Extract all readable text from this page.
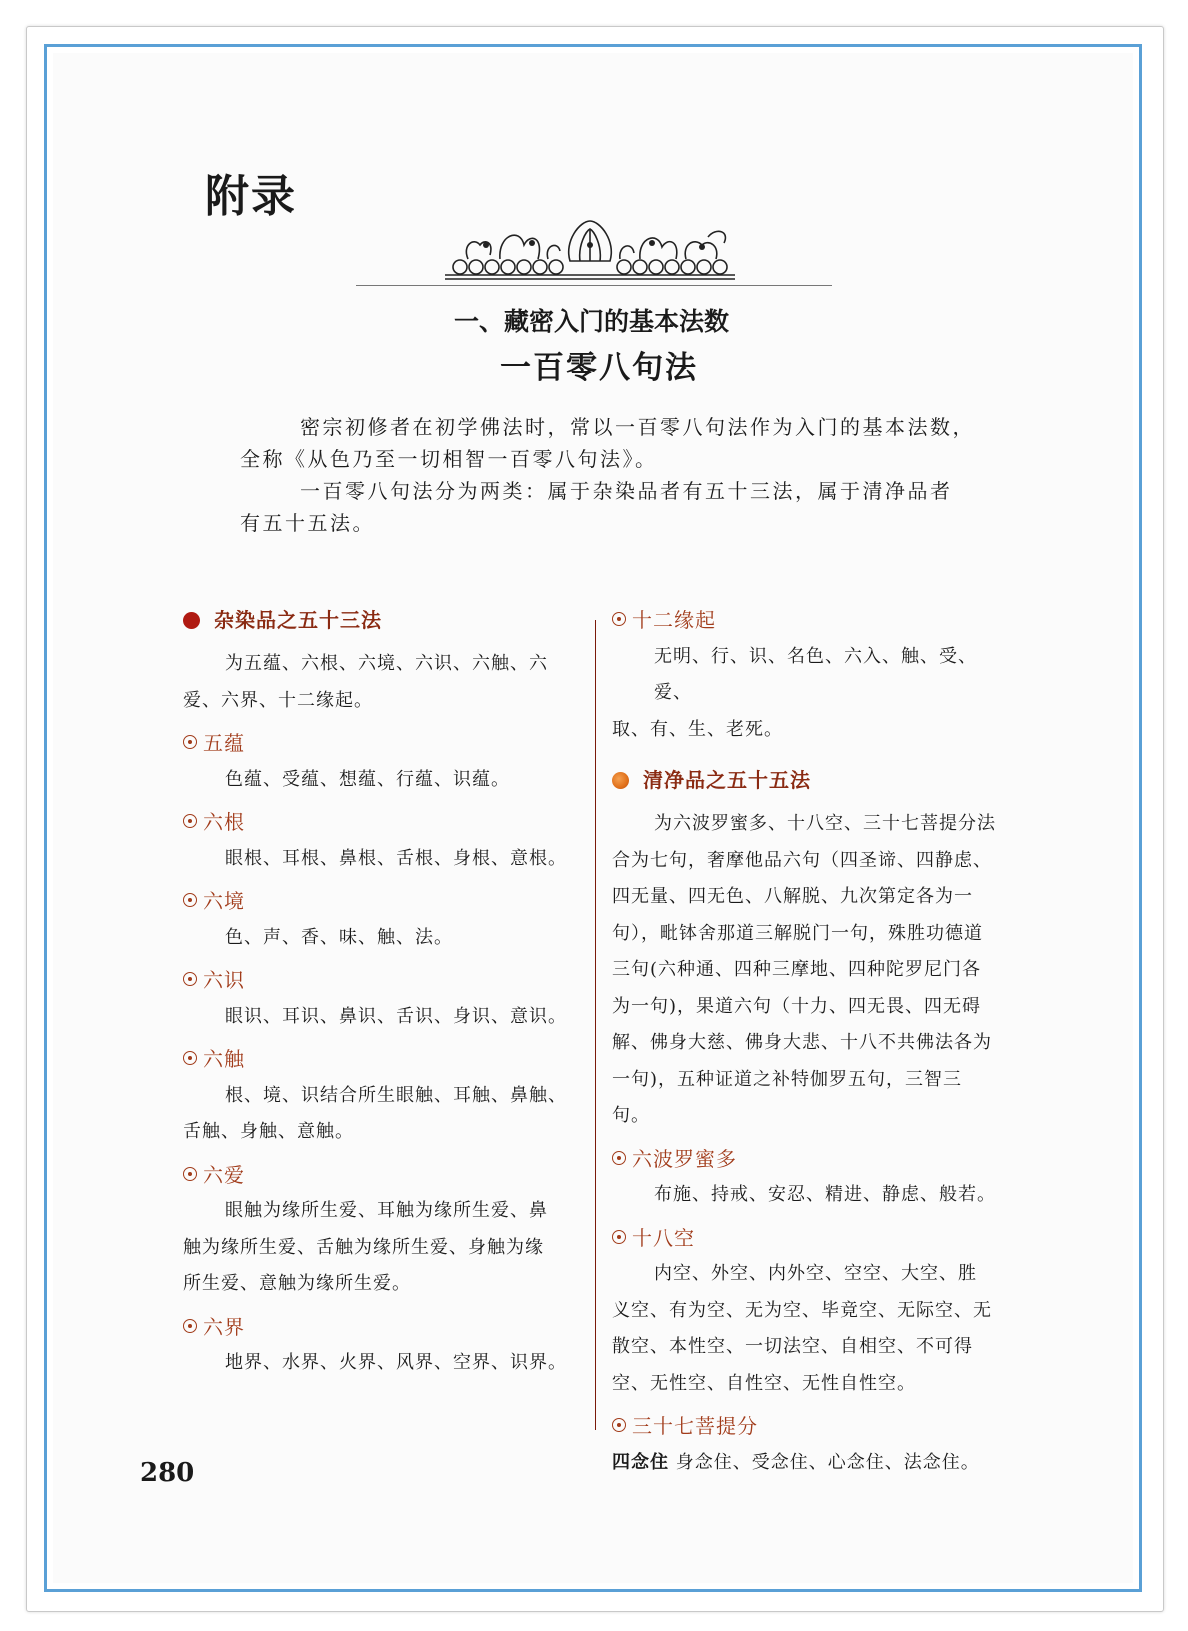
附录
一、藏密入门的基本法数
一百零八句法
密宗初修者在初学佛法时，常以一百零八句法作为入门的基本法数，
全称《从色乃至一切相智一百零八句法》。
一百零八句法分为两类：属于杂染品者有五十三法，属于清净品者
有五十五法。
杂染品之五十三法
为五蕴、六根、六境、六识、六触、六
爱、六界、十二缘起。
五蕴
色蕴、受蕴、想蕴、行蕴、识蕴。
六根
眼根、耳根、鼻根、舌根、身根、意根。
六境
色、声、香、味、触、法。
六识
眼识、耳识、鼻识、舌识、身识、意识。
六触
根、境、识结合所生眼触、耳触、鼻触、
舌触、身触、意触。
六爱
眼触为缘所生爱、耳触为缘所生爱、鼻
触为缘所生爱、舌触为缘所生爱、身触为缘
所生爱、意触为缘所生爱。
六界
地界、水界、火界、风界、空界、识界。
十二缘起
无明、行、识、名色、六入、触、受、爱、
取、有、生、老死。
清净品之五十五法
为六波罗蜜多、十八空、三十七菩提分法
合为七句，奢摩他品六句（四圣谛、四静虑、
四无量、四无色、八解脱、九次第定各为一
句），毗钵舍那道三解脱门一句，殊胜功德道
三句(六种通、四种三摩地、四种陀罗尼门各
为一句)，果道六句（十力、四无畏、四无碍
解、佛身大慈、佛身大悲、十八不共佛法各为
一句)，五种证道之补特伽罗五句，三智三句。
六波罗蜜多
布施、持戒、安忍、精进、静虑、般若。
十八空
内空、外空、内外空、空空、大空、胜
义空、有为空、无为空、毕竟空、无际空、无
散空、本性空、一切法空、自相空、不可得
空、无性空、自性空、无性自性空。
三十七菩提分
四念住 身念住、受念住、心念住、法念住。
280
